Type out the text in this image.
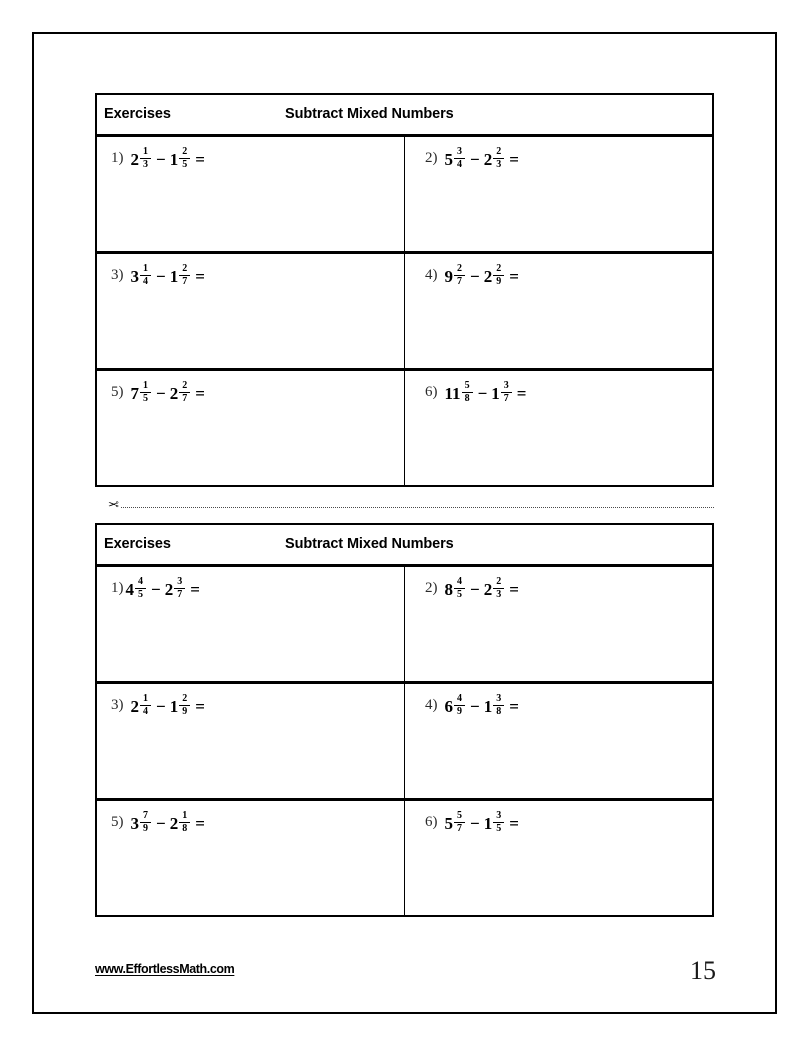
Exercises Subtract Mixed Numbers	

1) $2 \frac{1}{3} - 1 \frac{2}{5}$ =	2) $5 \frac{3}{4} - 2 \frac{2}{3}$ =

3) $3 \frac{1}{4} - 1 \frac{2}{7}$ =	4) $9 \frac{2}{7} - 2 \frac{2}{9}$ =

5) $7 \frac{1}{5} - 2 \frac{2}{7}$ =	6) $11 \frac{5}{8} - 1 \frac{3}{7}$ =
✂
Exercises Subtract Mixed Numbers	

1) $4 \frac{4}{5} - 2 \frac{3}{7}$ =	2) $8 \frac{4}{5} - 2 \frac{2}{3}$ =

3) $2 \frac{1}{4} - 1 \frac{2}{9}$ =	4) $6 \frac{4}{9} - 1 \frac{3}{8}$ =

5) $3 \frac{7}{9} - 2 \frac{1}{8}$ =	6) $5 \frac{5}{7} - 1 \frac{3}{5}$ =
www.EffortlessMath.com	15
